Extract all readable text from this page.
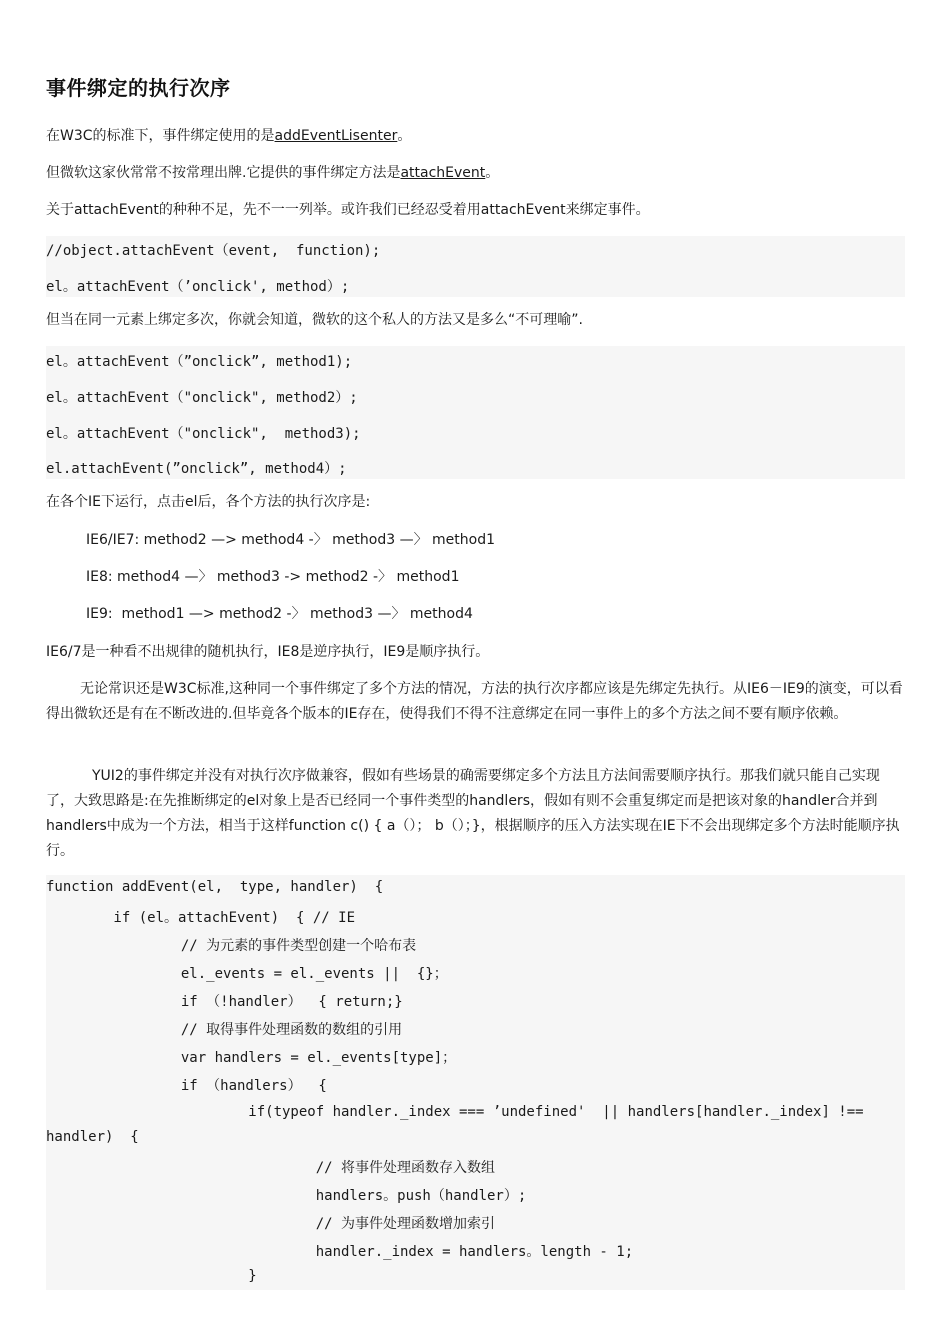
事件绑定的执行次序

在W3C的标准下，事件绑定使用的是addEventLisenter。

但微软这家伙常常不按常理出牌.它提供的事件绑定方法是attachEvent。

关于attachEvent的种种不足，先不一一列举。或许我们已经忍受着用attachEvent来绑定事件。

//object.attachEvent（event,  function);
el。attachEvent（’onclick', method）;

但当在同一元素上绑定多次，你就会知道，微软的这个私人的方法又是多么“不可理喻”.

el。attachEvent（”onclick”, method1);
el。attachEvent（"onclick", method2）;
el。attachEvent（"onclick",  method3);
el.attachEvent(”onclick”, method4）;

在各个IE下运行，点击el后，各个方法的执行次序是:

IE6/IE7: method2 —> method4 -〉 method3 —〉 method1

IE8: method4 —〉 method3 -> method2 -〉 method1

IE9:  method1 —> method2 -〉 method3 —〉 method4

IE6/7是一种看不出规律的随机执行，IE8是逆序执行，IE9是顺序执行。

无论常识还是W3C标准,这种同一个事件绑定了多个方法的情况，方法的执行次序都应该是先绑定先执行。从IE6－IE9的演变，可以看得出微软还是有在不断改进的.但毕竟各个版本的IE存在，使得我们不得不注意绑定在同一事件上的多个方法之间不要有顺序依赖。

YUI2的事件绑定并没有对执行次序做兼容，假如有些场景的确需要绑定多个方法且方法间需要顺序执行。那我们就只能自己实现了，大致思路是:在先推断绑定的el对象上是否已经同一个事件类型的handlers，假如有则不会重复绑定而是把该对象的handler合并到handlers中成为一个方法，相当于这样function c() { a（）； b（）；}，根据顺序的压入方法实现在IE下不会出现绑定多个方法时能顺序执行。

function addEvent(el,  type, handler)  {
if (el。attachEvent)  { // IE
// 为元素的事件类型创建一个哈布表
el._events = el._events ||  {}；
if （!handler）  { return;}
// 取得事件处理函数的数组的引用
var handlers = el._events[type]；
if （handlers）  {
if(typeof handler._index === ’undefined'  || handlers[handler._index] !==
handler)  {
// 将事件处理函数存入数组
handlers。push（handler）;
// 为事件处理函数增加索引
handler._index = handlers。length - 1;
}
